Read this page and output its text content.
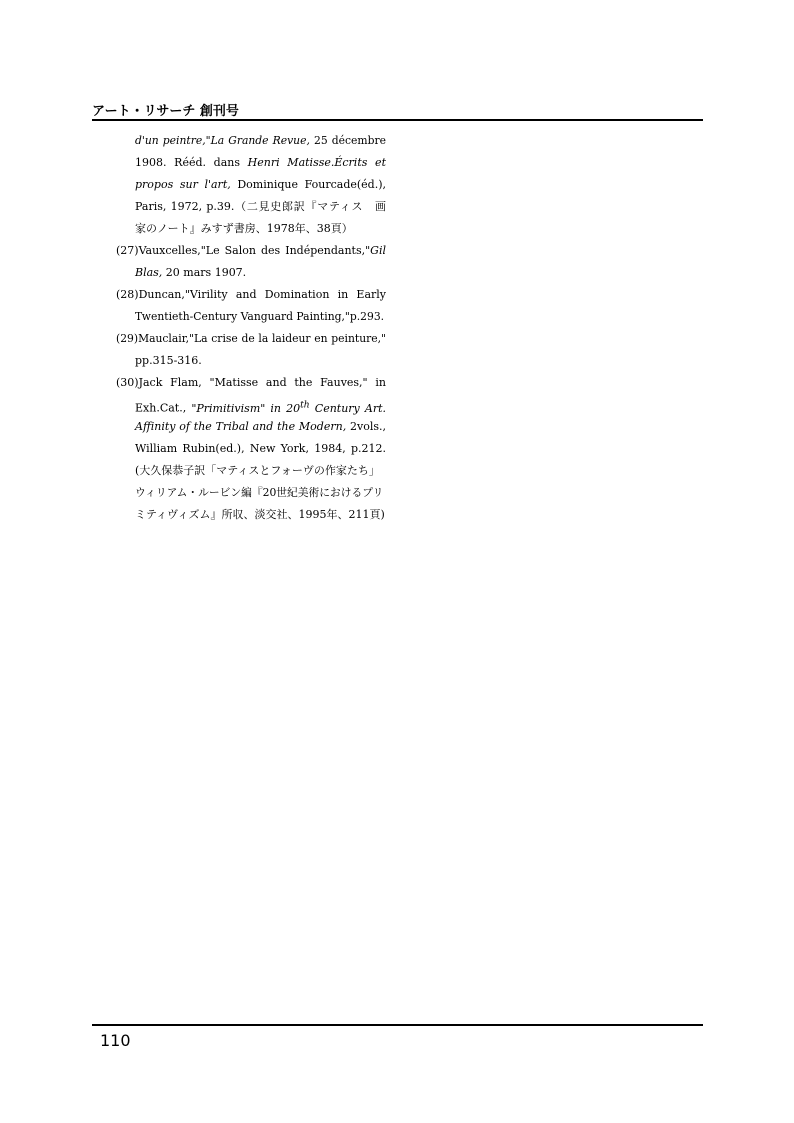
アート・リサーチ 創刊号
d'un peintre,"La Grande Revue, 25 décembre
1908. Rééd. dans Henri Matisse.Écrits et
propos sur l'art, Dominique Fourcade(éd.),
Paris, 1972, p.39.（二見史郎訳『マティス　画
家のノート』みすず書房、1978年、38頁）
(27)Vauxcelles,"Le Salon des Indépendants,"Gil
Blas, 20 mars 1907.
(28)Duncan,"Virility and Domination in Early
Twentieth-Century Vanguard Painting,"p.293.
(29)Mauclair,"La crise de la laideur en peinture,"
pp.315-316.
(30)Jack Flam, "Matisse and the Fauves," in
Exh.Cat., "Primitivism" in 20th Century Art.
Affinity of the Tribal and the Modern, 2vols.,
William Rubin(ed.), New York, 1984, p.212.
(大久保恭子訳「マティスとフォーヴの作家たち」
ウィリアム・ルービン編『20世紀美術におけるプリ
ミティヴィズム』所収、淡交社、1995年、211頁)
110
